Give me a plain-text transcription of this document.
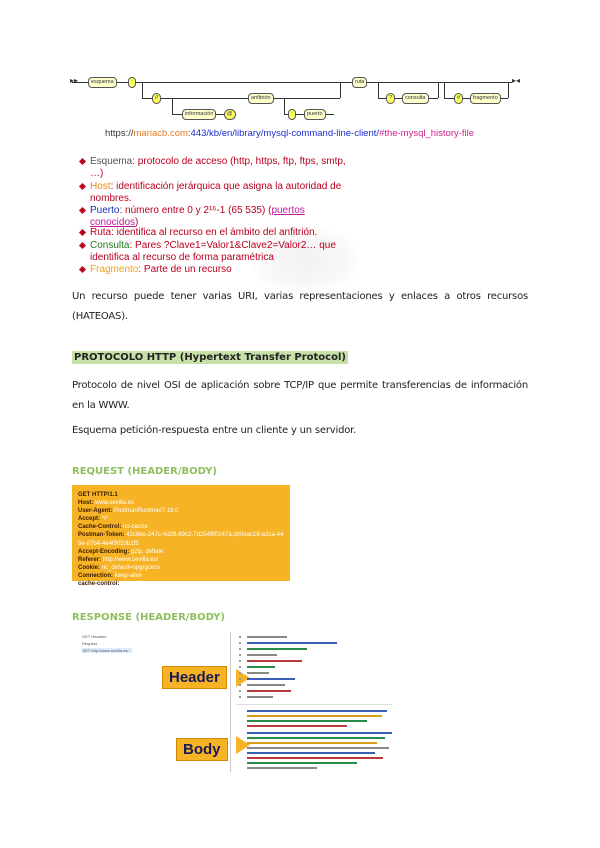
▸▸	esquema	:
//
información	@
anfitrión
:	puerto
ruta
?	consulta	#	fragmento
▸◂
https://mariacb.com:443/kb/en/library/mysql-command-line-client/#the-mysql_history-file
Esquema: protocolo de acceso (http, https, ftp, ftps, smtp, …)
Host: identificación jerárquica que asigna la autoridad de nombres.
Puerto: número entre 0 y 2¹⁶-1 (65 535) (puertos conocidos)
Ruta: identifica al recurso en el ámbito del anfitrión.
Consulta: Pares ?Clave1=Valor1&Clave2=Valor2… que identifica al recurso de forma paramétrica
Fragmento: Parte de un recurso
Un recurso puede tener varias URI, varias representaciones y enlaces a otros recursos (HATEOAS).
PROTOCOLO HTTP (Hypertext Transfer Protocol)
Protocolo de nivel OSI de aplicación sobre TCP/IP que permite transferencias de información en la WWW.
Esquema petición-respuesta entre un cliente y un servidor.
REQUEST (HEADER/BODY)
GET HTTP/1.1
Host: www.sevilla.es
User-Agent: PostmanRuntime/7.19.0
Accept: */*
Cache-Control: no-cache
Postman-Token: 42c6be-247c-4d28-89c2-7d2548f0247a,d00eac19-a2ca-445e-87b4-4e4f9053b1f5
Accept-Encoding: gzip, deflate
Referer: http://www.sevilla.es/
Cookie: ric_default=spgrgcess
Connection: keep-alive
cache-control: no-cache
RESPONSE (HEADER/BODY)
GET Headers
Request
GET http://www.sevilla.es/...
Header
Body
